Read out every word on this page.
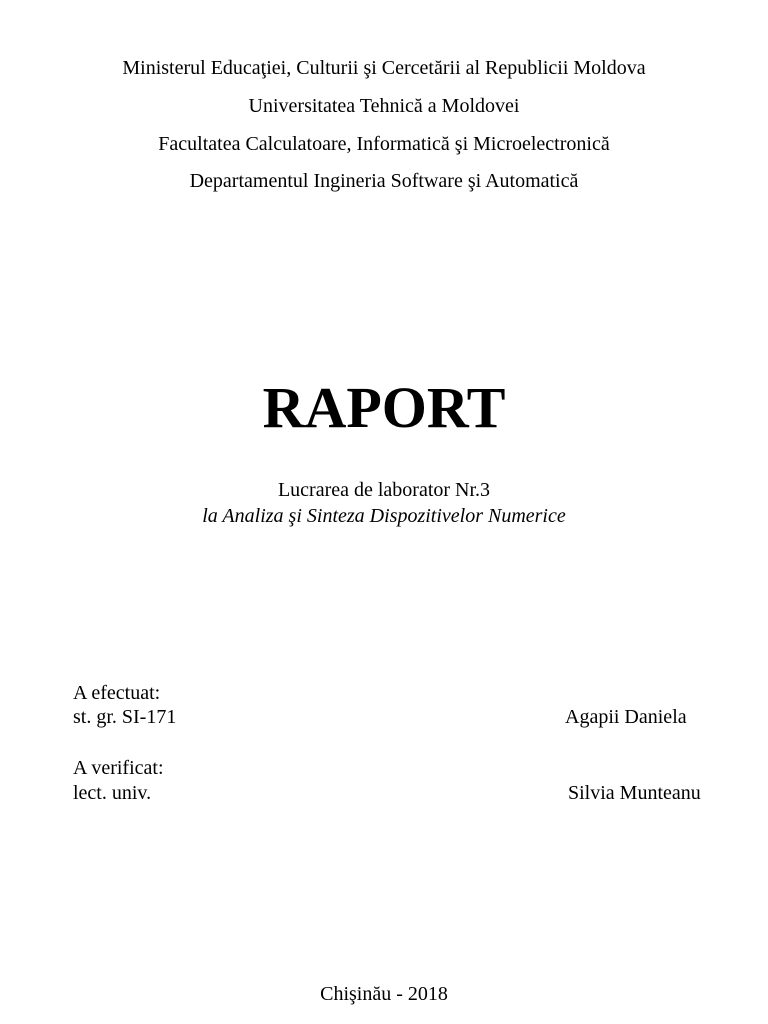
Ministerul Educaţiei, Culturii şi Cercetării al Republicii Moldova
Universitatea Tehnică a Moldovei
Facultatea Calculatoare, Informatică şi Microelectronică
Departamentul Ingineria Software şi Automatică
RAPORT
Lucrarea de laborator Nr.3
la Analiza şi Sinteza Dispozitivelor Numerice
A efectuat:
st. gr. SI-171	Agapii Daniela
A verificat:
lect. univ.	Silvia Munteanu
Chişinău - 2018
